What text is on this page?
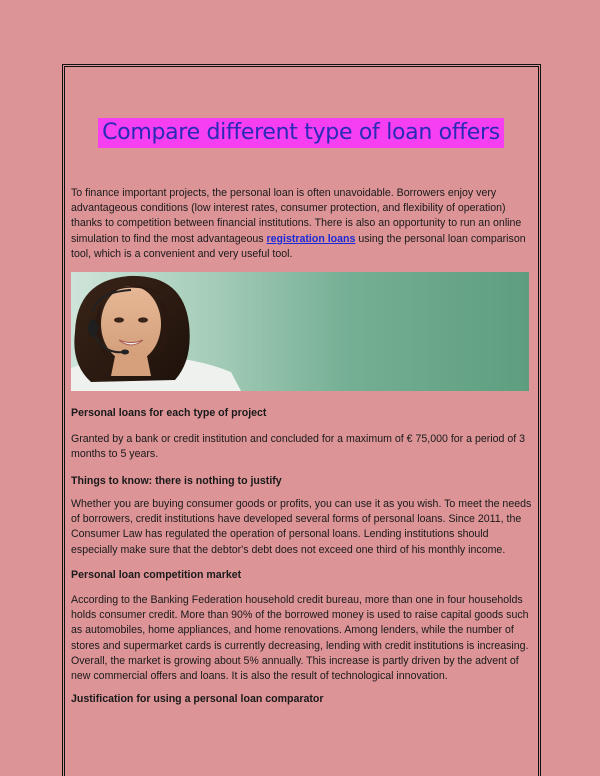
Compare different type of loan offers

To finance important projects, the personal loan is often unavoidable. Borrowers enjoy very advantageous conditions (low interest rates, consumer protection, and flexibility of operation) thanks to competition between financial institutions. There is also an opportunity to run an online simulation to find the most advantageous registration loans using the personal loan comparison tool, which is a convenient and very useful tool.

Personal loans for each type of project

Granted by a bank or credit institution and concluded for a maximum of € 75,000 for a period of 3 months to 5 years.

Things to know: there is nothing to justify

Whether you are buying consumer goods or profits, you can use it as you wish. To meet the needs of borrowers, credit institutions have developed several forms of personal loans. Since 2011, the Consumer Law has regulated the operation of personal loans. Lending institutions should especially make sure that the debtor's debt does not exceed one third of his monthly income.

Personal loan competition market

According to the Banking Federation household credit bureau, more than one in four households holds consumer credit. More than 90% of the borrowed money is used to raise capital goods such as automobiles, home appliances, and home renovations. Among lenders, while the number of stores and supermarket cards is currently decreasing, lending with credit institutions is increasing. Overall, the market is growing about 5% annually. This increase is partly driven by the advent of new commercial offers and loans. It is also the result of technological innovation.

Justification for using a personal loan comparator
